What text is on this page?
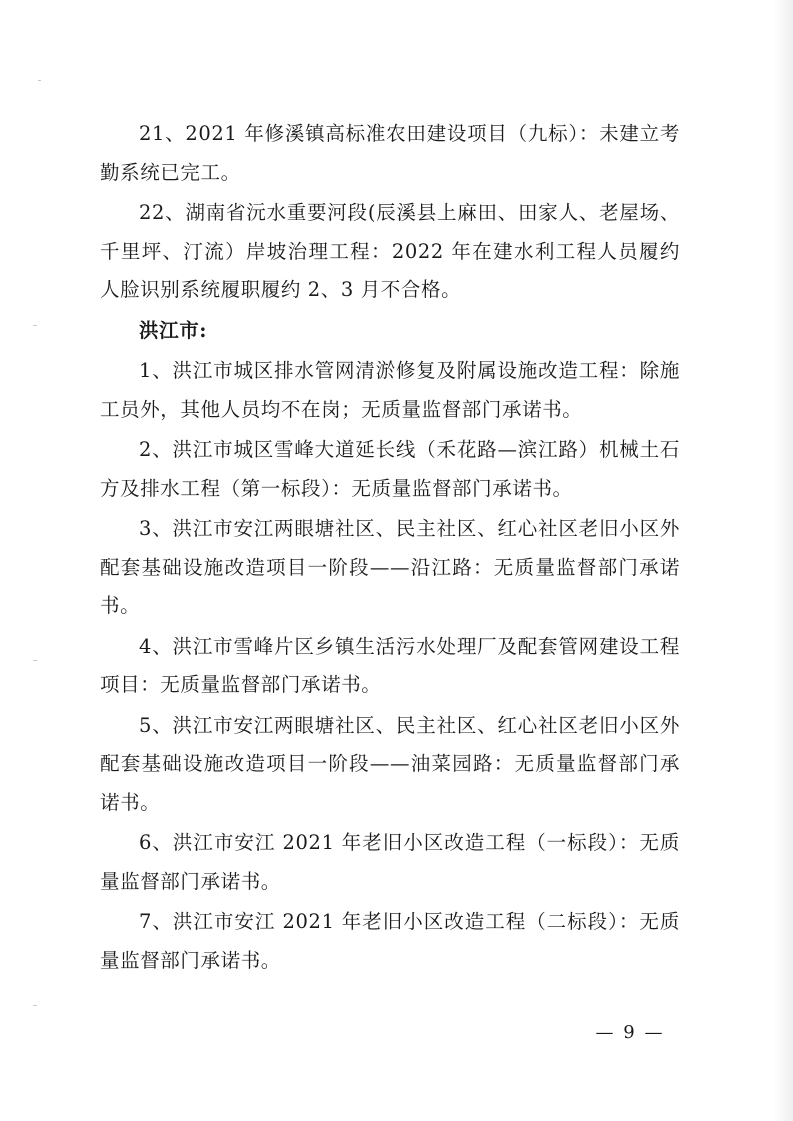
21、2021 年修溪镇高标准农田建设项目（九标）：未建立考勤系统已完工。

22、湖南省沅水重要河段(辰溪县上麻田、田家人、老屋场、千里坪、汀流）岸坡治理工程：2022 年在建水利工程人员履约人脸识别系统履职履约 2、3 月不合格。

洪江市:

1、洪江市城区排水管网清淤修复及附属设施改造工程：除施工员外，其他人员均不在岗；无质量监督部门承诺书。

2、洪江市城区雪峰大道延长线（禾花路—滨江路）机械土石方及排水工程（第一标段）：无质量监督部门承诺书。

3、洪江市安江两眼塘社区、民主社区、红心社区老旧小区外配套基础设施改造项目一阶段——沿江路：无质量监督部门承诺书。

4、洪江市雪峰片区乡镇生活污水处理厂及配套管网建设工程项目：无质量监督部门承诺书。

5、洪江市安江两眼塘社区、民主社区、红心社区老旧小区外配套基础设施改造项目一阶段——油菜园路：无质量监督部门承诺书。

6、洪江市安江 2021 年老旧小区改造工程（一标段）：无质量监督部门承诺书。

7、洪江市安江 2021 年老旧小区改造工程（二标段）：无质量监督部门承诺书。

— 9 —
